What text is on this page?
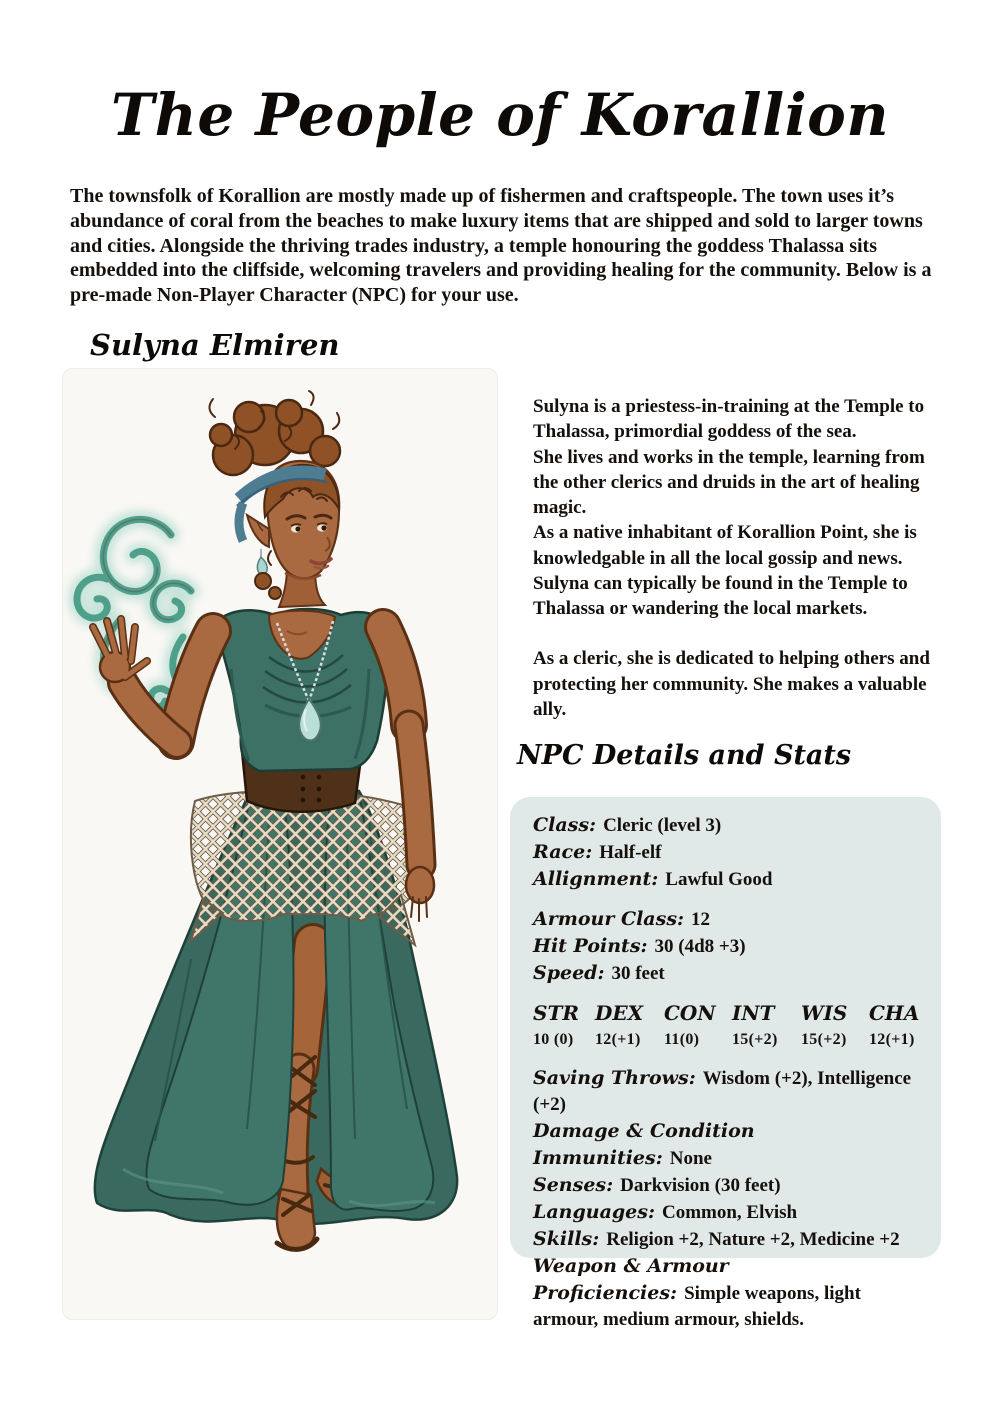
The People of Korallion
The townsfolk of Korallion are mostly made up of fishermen and craftspeople. The town uses it’s abundance of coral from the beaches to make luxury items that are shipped and sold to larger towns and cities. Alongside the thriving trades industry, a temple honouring the goddess Thalassa sits embedded into the cliffside, welcoming travelers and providing healing for the community. Below is a pre-made Non-Player Character (NPC) for your use.
Sulyna Elmiren

Sulyna is a priestess-in-training at the Temple to Thalassa, primordial goddess of the sea.

She lives and works in the temple, learning from the other clerics and druids in the art of healing magic.

As a native inhabitant of Korallion Point, she is knowledgable in all the local gossip and news. Sulyna can typically be found in the Temple to Thalassa or wandering the local markets.

As a cleric, she is dedicated to helping others and protecting her community. She makes a valuable ally.

NPC Details and Stats
Class: Cleric (level 3)
Race: Half-elf
Allignment: Lawful Good
Armour Class: 12
Hit Points: 30 (4d8 +3)
Speed: 30 feet
STR DEX	CON INT	WIS	CHA
10 (0)	12(+1)	11(0)	15(+2)	15(+2)	12(+1)
Saving Throws: Wisdom (+2), Intelligence (+2)
Damage & Condition Immunities: None
Senses: Darkvision (30 feet)
Languages: Common, Elvish
Skills: Religion +2, Nature +2, Medicine +2
Weapon & Armour Proficiencies: Simple weapons, light armour, medium armour, shields.
